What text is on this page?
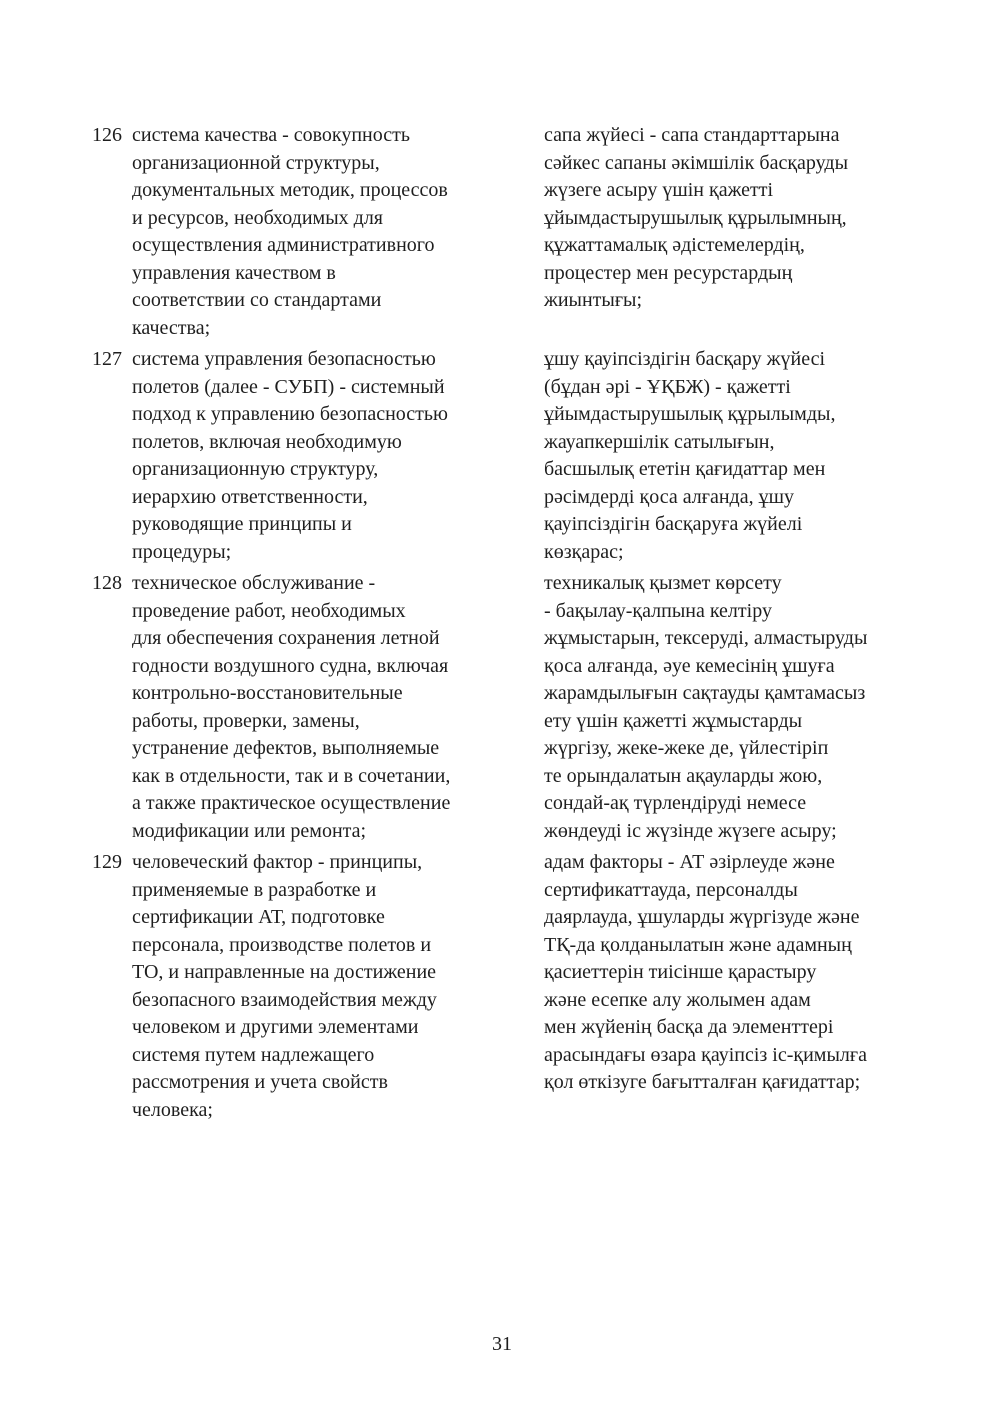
126 система качества - совокупность
организационной структуры,
документальных методик, процессов
и ресурсов, необходимых для
осуществления административного
управления качеством в
соответствии со стандартами
качества;
сапа жүйесі - сапа стандарттарына
сәйкес сапаны әкімшілік басқаруды
жүзеге асыру үшін қажетті
ұйымдастырушылық құрылымның,
құжаттамалық әдістемелердің,
процестер мен ресурстардың
жиынтығы;
127 система управления безопасностью
полетов (далее - СУБП) - системный
подход к управлению безопасностью
полетов, включая необходимую
организационную структуру,
иерархию ответственности,
руководящие принципы и
процедуры;
ұшу қауіпсіздігін басқару жүйесі
(бұдан әрі - ҰҚБЖ) - қажетті
ұйымдастырушылық құрылымды,
жауапкершілік сатылығын,
басшылық ететін қағидаттар мен
рәсімдерді қоса алғанда, ұшу
қауіпсіздігін басқаруға жүйелі
көзқарас;
128 техническое обслуживание -
проведение работ, необходимых
для обеспечения сохранения летной
годности воздушного судна, включая
контрольно-восстановительные
работы, проверки, замены,
устранение дефектов, выполняемые
как в отдельности, так и в сочетании,
а также практическое осуществление
модификации или ремонта;
техникалық қызмет көрсету
- бақылау-қалпына келтіру
жұмыстарын, тексеруді, алмастыруды
қоса алғанда, әуе кемесінің ұшуға
жарамдылығын сақтауды қамтамасыз
ету үшін қажетті жұмыстарды
жүргізу, жеке-жеке де, үйлестіріп
те орындалатын ақауларды жою,
сондай-ақ түрлендіруді немесе
жөндеуді іс жүзінде жүзеге асыру;
129 человеческий фактор - принципы,
применяемые в разработке и
сертификации АТ, подготовке
персонала, производстве полетов и
ТО, и направленные на достижение
безопасного взаимодействия между
человеком и другими элементами
системя путем надлежащего
рассмотрения и учета свойств
человека;
адам факторы - АТ әзірлеуде және
сертификаттауда, персоналды
даярлауда, ұшуларды жүргізуде және
ТҚ-да қолданылатын және адамның
қасиеттерін тиісінше қарастыру
және есепке алу жолымен адам
мен жүйенің басқа да элементтері
арасындағы өзара қауіпсіз іс-қимылға
қол өткізуге бағытталған қағидаттар;
31
